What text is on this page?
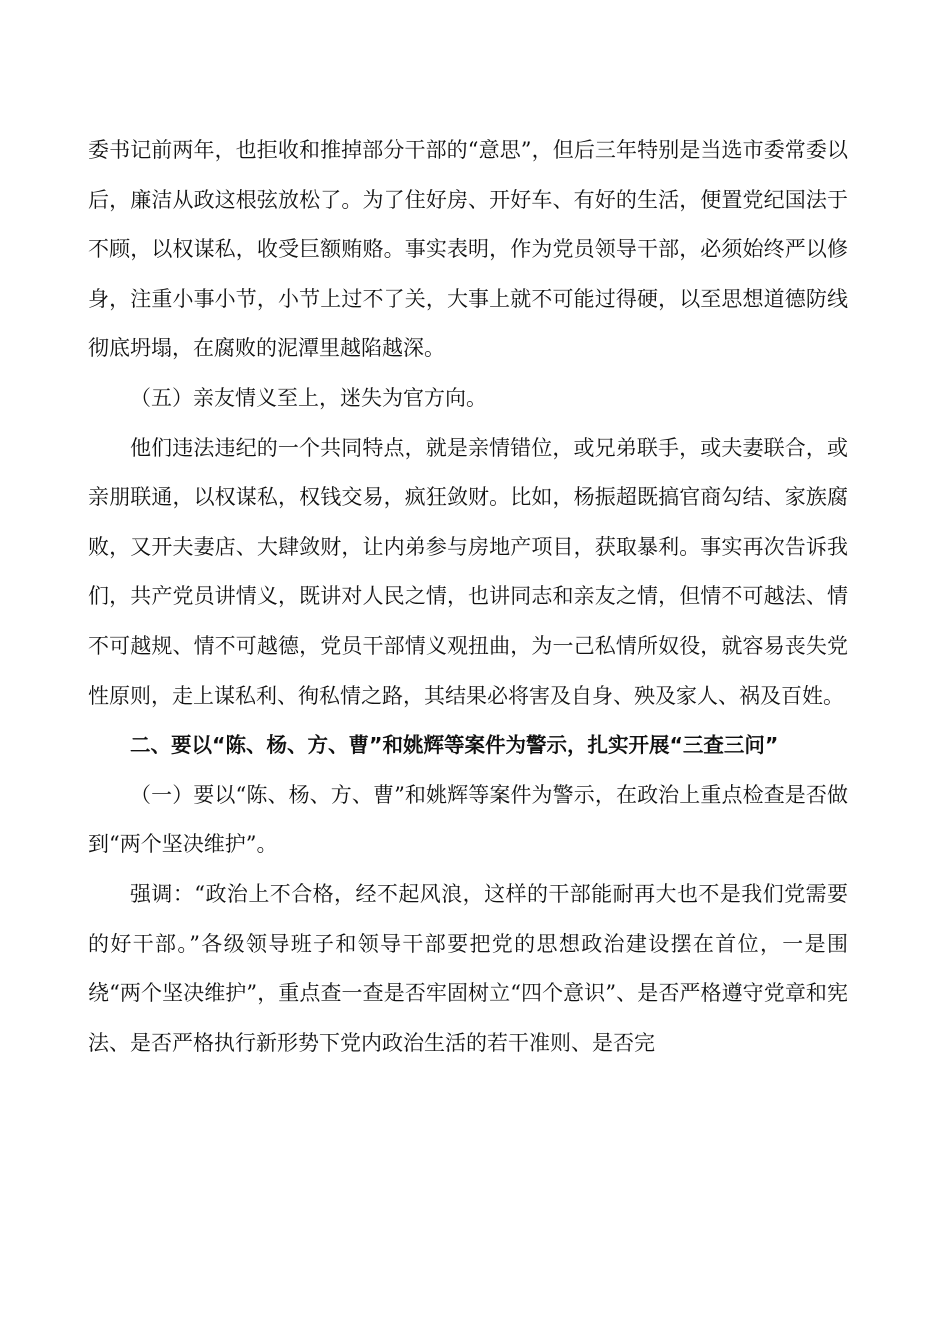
委书记前两年，也拒收和推掉部分干部的“意思”，但后三年特别是当选市委常委以后，廉洁从政这根弦放松了。为了住好房、开好车、有好的生活，便置党纪国法于不顾，以权谋私，收受巨额贿赂。事实表明，作为党员领导干部，必须始终严以修身，注重小事小节，小节上过不了关，大事上就不可能过得硬，以至思想道德防线彻底坍塌，在腐败的泥潭里越陷越深。

（五）亲友情义至上，迷失为官方向。

他们违法违纪的一个共同特点，就是亲情错位，或兄弟联手，或夫妻联合，或亲朋联通，以权谋私，权钱交易，疯狂敛财。比如，杨振超既搞官商勾结、家族腐败，又开夫妻店、大肆敛财，让内弟参与房地产项目，获取暴利。事实再次告诉我们，共产党员讲情义，既讲对人民之情，也讲同志和亲友之情，但情不可越法、情不可越规、情不可越德，党员干部情义观扭曲，为一己私情所奴役，就容易丧失党性原则，走上谋私利、徇私情之路，其结果必将害及自身、殃及家人、祸及百姓。

二、要以“陈、杨、方、曹”和姚辉等案件为警示，扎实开展“三查三问”

（一）要以“陈、杨、方、曹”和姚辉等案件为警示，在政治上重点检查是否做到“两个坚决维护”。

强调：“政治上不合格，经不起风浪，这样的干部能耐再大也不是我们党需要的好干部。”各级领导班子和领导干部要把党的思想政治建设摆在首位，一是围绕“两个坚决维护”，重点查一查是否牢固树立“四个意识”、是否严格遵守党章和宪法、是否严格执行新形势下党内政治生活的若干准则、是否完
